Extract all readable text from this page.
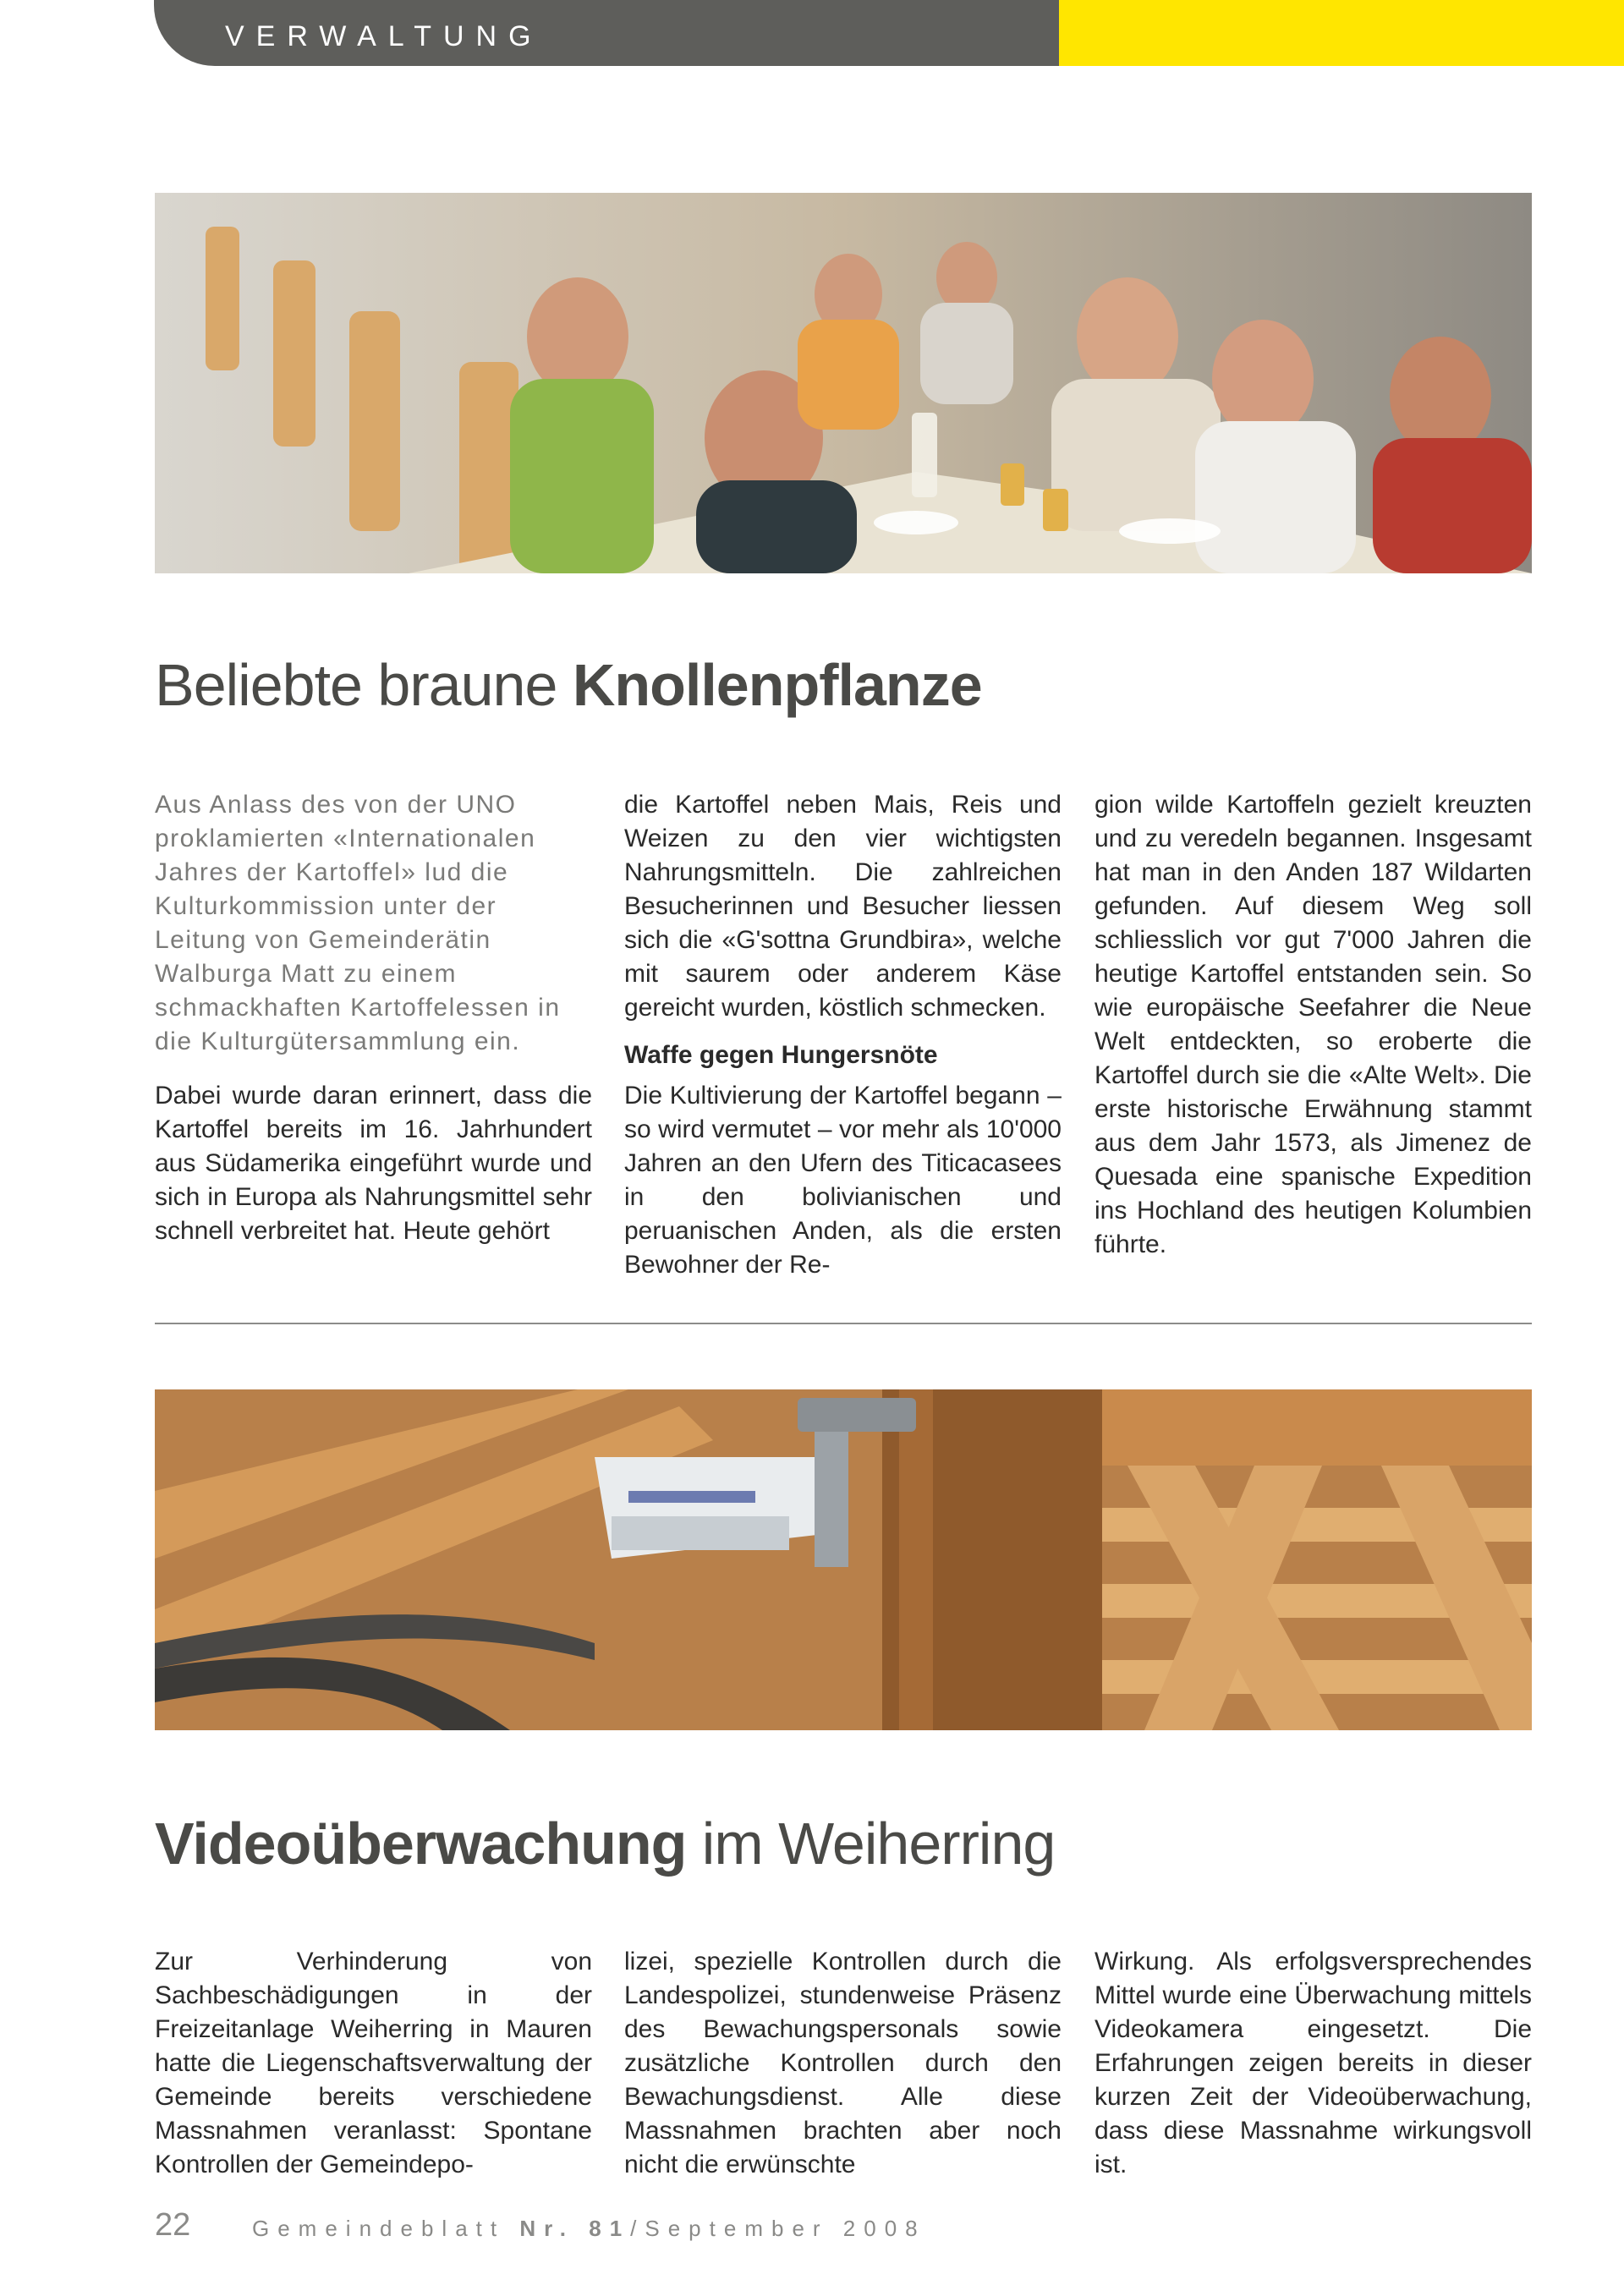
VERWALTUNG
Beliebte braune Knollenpflanze

Aus Anlass des von der UNO proklamierten «Internationalen Jahres der Kartoffel» lud die Kulturkommission unter der Leitung von Gemeinderätin Walburga Matt zu einem schmackhaften Kartoffelessen in die Kulturgütersammlung ein.

Dabei wurde daran erinnert, dass die Kartoffel bereits im 16. Jahrhundert aus Südamerika eingeführt wurde und sich in Europa als Nahrungsmittel sehr schnell verbreitet hat. Heute gehört

die Kartoffel neben Mais, Reis und Weizen zu den vier wichtigsten Nahrungsmitteln. Die zahlreichen Besucherinnen und Besucher liessen sich die «G'sottna Grundbira», welche mit saurem oder anderem Käse gereicht wurden, köstlich schmecken.

Waffe gegen Hungersnöte

Die Kultivierung der Kartoffel begann – so wird vermutet – vor mehr als 10'000 Jahren an den Ufern des Titicacasees in den bolivianischen und peruanischen Anden, als die ersten Bewohner der Re-

gion wilde Kartoffeln gezielt kreuzten und zu veredeln begannen. Insgesamt hat man in den Anden 187 Wildarten gefunden. Auf diesem Weg soll schliesslich vor gut 7'000 Jahren die heutige Kartoffel entstanden sein. So wie europäische Seefahrer die Neue Welt entdeckten, so eroberte die Kartoffel durch sie die «Alte Welt». Die erste historische Erwähnung stammt aus dem Jahr 1573, als Jimenez de Quesada eine spanische Expedition ins Hochland des heutigen Kolumbien führte.

Videoüberwachung im Weiherring

Zur Verhinderung von Sachbeschädigungen in der Freizeitanlage Weiherring in Mauren hatte die Liegenschaftsverwaltung der Gemeinde bereits verschiedene Massnahmen veranlasst: Spontane Kontrollen der Gemeindepo-

lizei, spezielle Kontrollen durch die Landespolizei, stundenweise Präsenz des Bewachungspersonals sowie zusätzliche Kontrollen durch den Bewachungsdienst. Alle diese Massnahmen brachten aber noch nicht die erwünschte

Wirkung. Als erfolgsversprechendes Mittel wurde eine Überwachung mittels Videokamera eingesetzt. Die Erfahrungen zeigen bereits in dieser kurzen Zeit der Videoüberwachung, dass diese Massnahme wirkungsvoll ist.

22	Gemeindeblatt Nr. 81/September 2008
